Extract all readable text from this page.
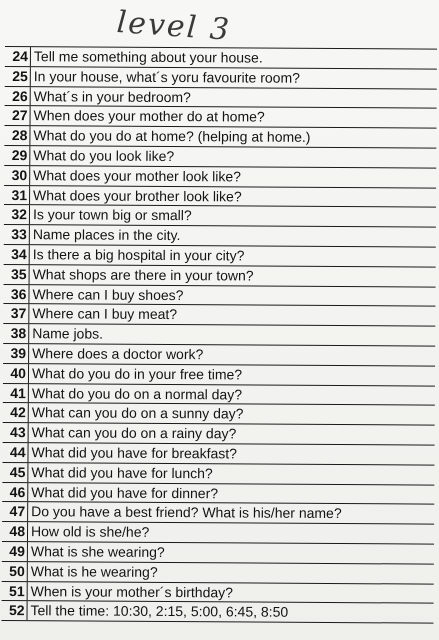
level 3
24 Tell me something about your house.
25 In your house, what´s yoru favourite room?
26 What´s in your bedroom?
27 When does your mother do at home?
28 What do you do at home? (helping at home.)
29 What do you look like?
30 What does your mother look like?
31 What does your brother look like?
32 Is your town big or small?
33 Name places in the city.
34 Is there a big hospital in your city?
35 What shops are there in your town?
36 Where can I buy shoes?
37 Where can I buy meat?
38 Name jobs.
39 Where does a doctor work?
40 What do you do in your free time?
41 What do you do on a normal day?
42 What can you do on a sunny day?
43 What can you do on a rainy day?
44 What did you have for breakfast?
45 What did you have for lunch?
46 What did you have for dinner?
47 Do you have a best friend? What is his/her name?
48 How old is she/he?
49 What is she wearing?
50 What is he wearing?
51 When is your mother´s birthday?
52 Tell the time: 10:30, 2:15, 5:00, 6:45, 8:50
